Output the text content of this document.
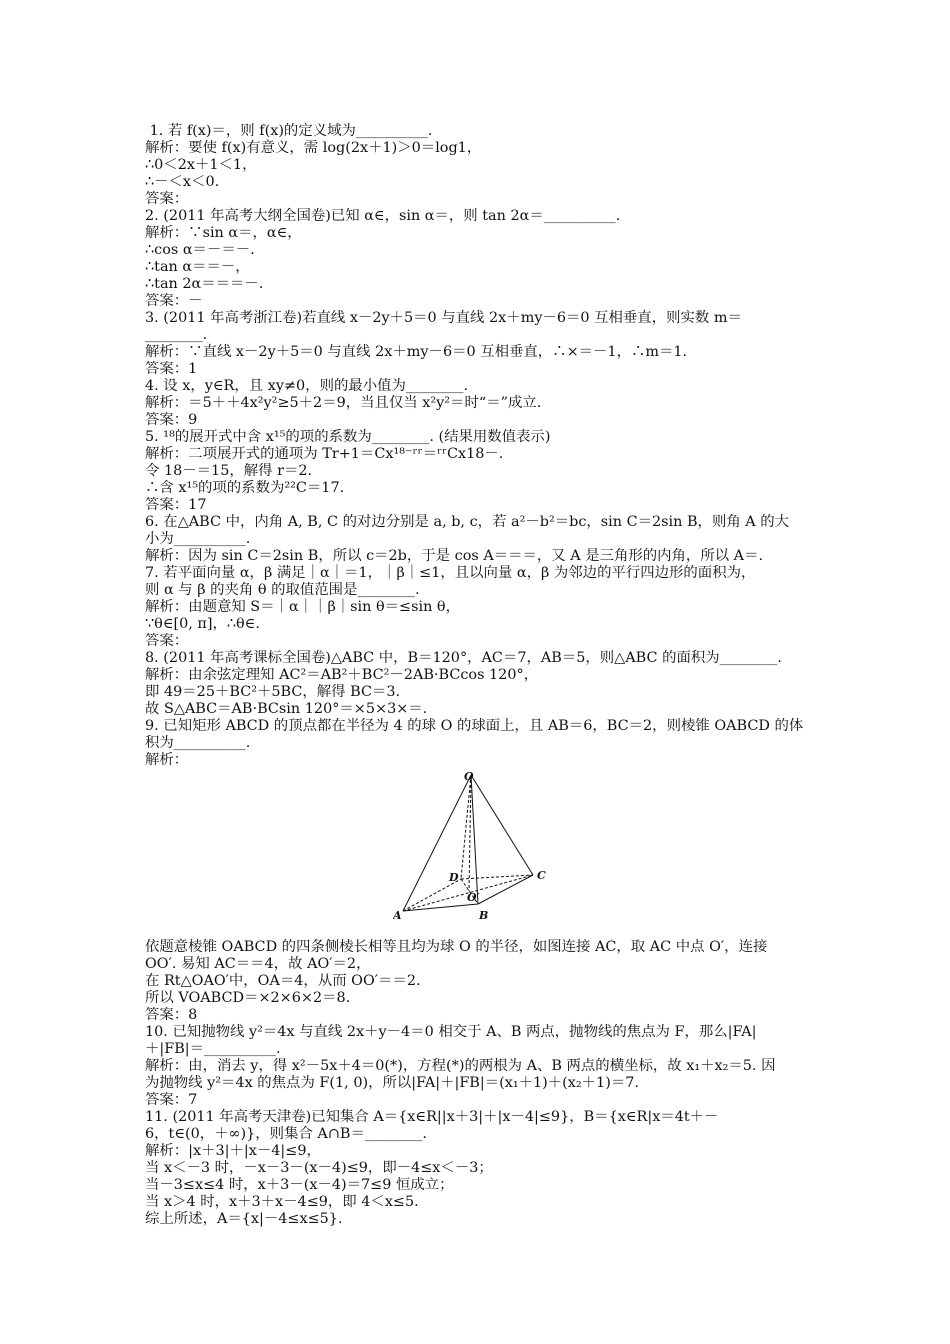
1. 若 f(x)＝，则 f(x)的定义域为__________.
解析：要使 f(x)有意义，需 log(2x＋1)＞0＝log1，
∴0＜2x＋1＜1，
∴－＜x＜0.
答案：
2. (2011 年高考大纲全国卷)已知 α∈，sin α＝，则 tan 2α＝__________.
解析：∵sin α＝，α∈，
∴cos α＝－＝－.
∴tan α＝＝－，
∴tan 2α＝＝＝－.
答案：－
3. (2011 年高考浙江卷)若直线 x－2y＋5＝0 与直线 2x＋my－6＝0 互相垂直，则实数 m＝
________.
解析：∵直线 x－2y＋5＝0 与直线 2x＋my－6＝0 互相垂直，∴×＝－1，∴m＝1.
答案：1
4. 设 x，y∈R，且 xy≠0，则的最小值为________.
解析：＝5＋＋4x²y²≥5＋2＝9，当且仅当 x²y²＝时“＝”成立.
答案：9
5. ¹⁸的展开式中含 x¹⁵的项的系数为________. (结果用数值表示)
解析：二项展开式的通项为 Tr+1＝Cx¹⁸⁻ʳʳ＝ʳʳCx18－.
令 18－＝15，解得 r＝2.
∴含 x¹⁵的项的系数为²²C＝17.
答案：17
6. 在△ABC 中，内角 A, B, C 的对边分别是 a, b, c，若 a²－b²＝bc，sin C＝2sin B，则角 A 的大
小为__________.
解析：因为 sin C＝2sin B，所以 c＝2b，于是 cos A＝＝＝，又 A 是三角形的内角，所以 A＝.
7. 若平面向量 α，β 满足｜α｜＝1，｜β｜≤1，且以向量 α，β 为邻边的平行四边形的面积为，
则 α 与 β 的夹角 θ 的取值范围是________.
解析：由题意知 S＝｜α｜｜β｜sin θ＝≤sin θ，
∵θ∈[0, π]，∴θ∈.
答案：
8. (2011 年高考课标全国卷)△ABC 中，B＝120°，AC＝7，AB＝5，则△ABC 的面积为________.
解析：由余弦定理知 AC²＝AB²＋BC²－2AB·BCcos 120°，
即 49＝25＋BC²＋5BC，解得 BC＝3.
故 S△ABC＝AB·BCsin 120°＝×5×3×＝.
9. 已知矩形 ABCD 的顶点都在半径为 4 的球 O 的球面上，且 AB＝6，BC＝2，则棱锥 OABCD 的体
积为__________.
解析：
O
A	B
C
D
O′
依题意棱锥 OABCD 的四条侧棱长相等且均为球 O 的半径，如图连接 AC，取 AC 中点 O′，连接
OO′. 易知 AC＝＝4，故 AO′＝2，
在 Rt△OAO′中，OA＝4，从而 OO′＝＝2.
所以 VOABCD＝×2×6×2＝8.
答案：8
10. 已知抛物线 y²＝4x 与直线 2x＋y－4＝0 相交于 A、B 两点，抛物线的焦点为 F，那么|FA|
＋|FB|＝__________.
解析：由，消去 y，得 x²－5x＋4＝0(*)，方程(*)的两根为 A、B 两点的横坐标，故 x₁＋x₂＝5. 因
为抛物线 y²＝4x 的焦点为 F(1, 0)，所以|FA|＋|FB|＝(x₁＋1)＋(x₂＋1)＝7.
答案：7
11. (2011 年高考天津卷)已知集合 A＝{x∈R||x＋3|＋|x－4|≤9}，B＝{x∈R|x＝4t＋－
6，t∈(0，＋∞)}，则集合 A∩B＝________.
解析：|x＋3|＋|x－4|≤9，
当 x＜－3 时，－x－3－(x－4)≤9，即－4≤x＜－3；
当－3≤x≤4 时，x＋3－(x－4)＝7≤9 恒成立；
当 x＞4 时，x＋3＋x－4≤9，即 4＜x≤5.
综上所述，A＝{x|－4≤x≤5}.
